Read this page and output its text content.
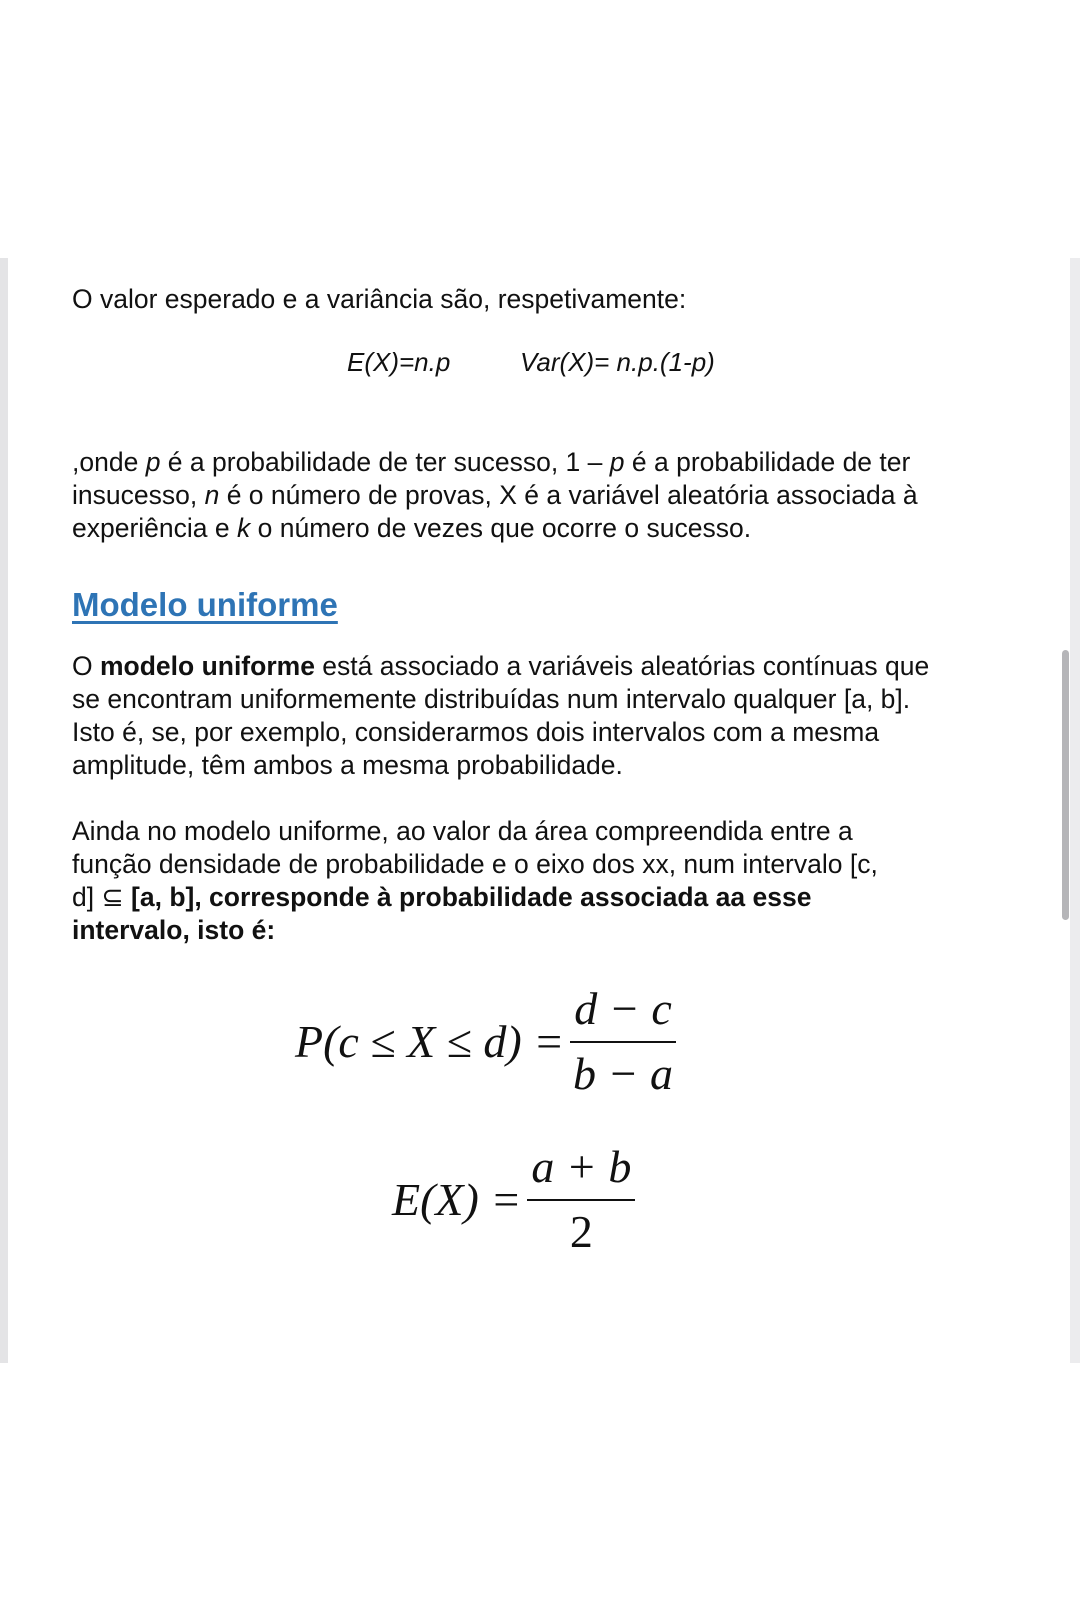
O valor esperado e a variância são, respetivamente:
E(X)=n.p	Var(X)= n.p.(1-p)
,onde p é a probabilidade de ter sucesso, 1 – p é a probabilidade de ter
insucesso, n é o número de provas, X é a variável aleatória associada à
experiência e k o número de vezes que ocorre o sucesso.
Modelo uniforme
O modelo uniforme está associado a variáveis aleatórias contínuas que
se encontram uniformemente distribuídas num intervalo qualquer [a, b].
Isto é, se, por exemplo, considerarmos dois intervalos com a mesma
amplitude, têm ambos a mesma probabilidade.
Ainda no modelo uniforme, ao valor da área compreendida entre a
função densidade de probabilidade e o eixo dos xx, num intervalo [c,
d] ⊆ [a, b], corresponde à probabilidade associada aa esse
intervalo, isto é:
$P(c \le X \le d) = \frac{d - c}{b - a}$
$E(X) = \frac{a + b}{2}$
